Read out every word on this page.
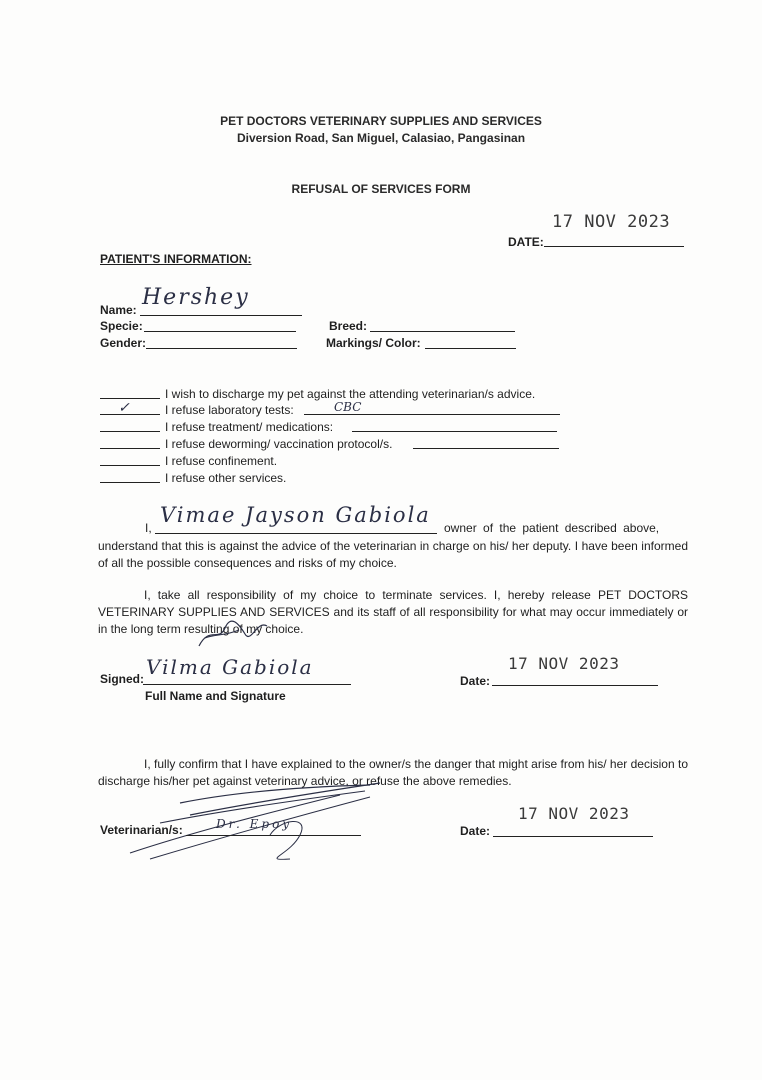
PET DOCTORS VETERINARY SUPPLIES AND SERVICES
Diversion Road, San Miguel, Calasiao, Pangasinan
REFUSAL OF SERVICES FORM
17 NOV 2023
DATE:
PATIENT'S INFORMATION:
Name: Hershey
Specie:	Breed:
Gender:	Markings/ Color:
I wish to discharge my pet against the attending veterinarian/s advice.
✓	I refuse laboratory tests:	CBC
I refuse treatment/ medications:
I refuse deworming/ vaccination protocol/s.
I refuse confinement.
I refuse other services.
I,
Vimae Jayson Gabiola
owner of the patient described above,
understand that this is against the advice of the veterinarian in charge on his/ her deputy. I have been informed of all the possible consequences and risks of my choice.
I, take all responsibility of my choice to terminate services. I, hereby release PET DOCTORS VETERINARY SUPPLIES AND SERVICES and its staff of all responsibility for what may occur immediately or in the long term resulting of my choice.
Signed: Vilma Gabiola
Full Name and Signature
Date:
17 NOV 2023
I, fully confirm that I have explained to the owner/s the danger that might arise from his/ her decision to discharge his/her pet against veterinary advice, or refuse the above remedies.
Veterinarian/s:	Dr. Epoy	Date:
17 NOV 2023
